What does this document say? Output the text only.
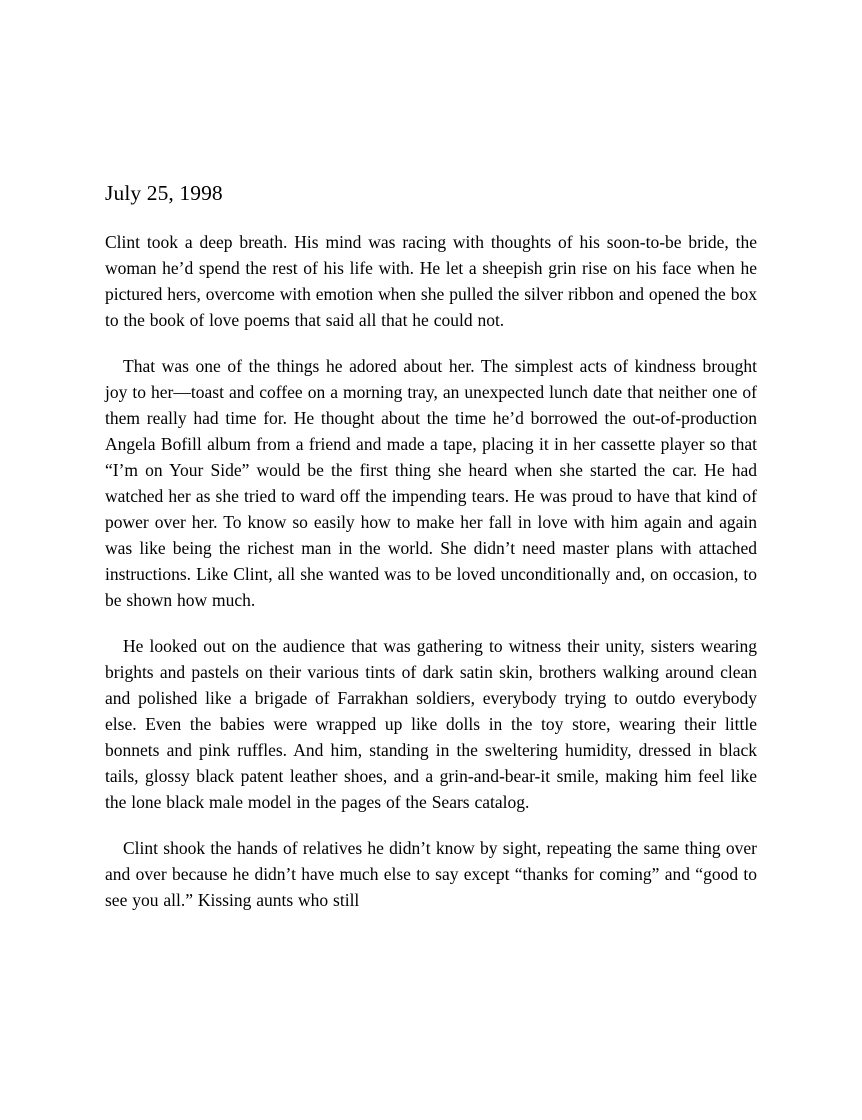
July 25, 1998

Clint took a deep breath. His mind was racing with thoughts of his soon-to-be bride, the woman he’d spend the rest of his life with. He let a sheepish grin rise on his face when he pictured hers, overcome with emotion when she pulled the silver ribbon and opened the box to the book of love poems that said all that he could not.

That was one of the things he adored about her. The simplest acts of kindness brought joy to her—toast and coffee on a morning tray, an unexpected lunch date that neither one of them really had time for. He thought about the time he’d borrowed the out-of-production Angela Bofill album from a friend and made a tape, placing it in her cassette player so that “I’m on Your Side” would be the first thing she heard when she started the car. He had watched her as she tried to ward off the impending tears. He was proud to have that kind of power over her. To know so easily how to make her fall in love with him again and again was like being the richest man in the world. She didn’t need master plans with attached instructions. Like Clint, all she wanted was to be loved unconditionally and, on occasion, to be shown how much.

He looked out on the audience that was gathering to witness their unity, sisters wearing brights and pastels on their various tints of dark satin skin, brothers walking around clean and polished like a brigade of Farrakhan soldiers, everybody trying to outdo everybody else. Even the babies were wrapped up like dolls in the toy store, wearing their little bonnets and pink ruffles. And him, standing in the sweltering humidity, dressed in black tails, glossy black patent leather shoes, and a grin-and-bear-it smile, making him feel like the lone black male model in the pages of the Sears catalog.

Clint shook the hands of relatives he didn’t know by sight, repeating the same thing over and over because he didn’t have much else to say except “thanks for coming” and “good to see you all.” Kissing aunts who still
